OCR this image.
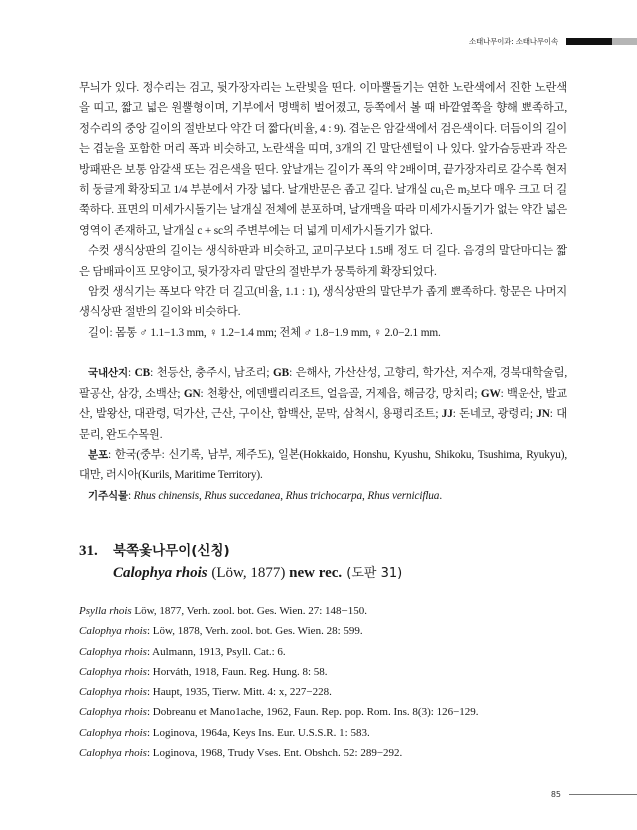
소태나무이과: 소태나무이속

무늬가 있다. 정수리는 검고, 뒷가장자리는 노란빛을 띤다. 이마뿔돌기는 연한 노란색에서 진한 노란색을 띠고, 짧고 넓은 원뿔형이며, 기부에서 명백히 벌어졌고, 등쪽에서 볼 때 바깥옆쪽을 향해 뾰족하고, 정수리의 중앙 길이의 절반보다 약간 더 짧다(비율, 4 : 9). 겹눈은 암갈색에서 검은색이다. 더듬이의 길이는 겹눈을 포함한 머리 폭과 비슷하고, 노란색을 띠며, 3개의 긴 말단센털이 나 있다. 앞가슴등판과 작은방패판은 보통 암갈색 또는 검은색을 띤다. 앞날개는 길이가 폭의 약 2배이며, 끝가장자리로 갈수록 현저히 둥글게 확장되고 1/4 부분에서 가장 넓다. 날개반문은 좁고 길다. 날개실 $cu_1$은 $m_2$보다 매우 크고 더 길쭉하다. 표면의 미세가시돌기는 날개실 전체에 분포하며, 날개맥을 따라 미세가시돌기가 없는 약간 넓은 영역이 존재하고, 날개실 c + sc의 주변부에는 더 넓게 미세가시돌기가 없다.

수컷 생식상판의 길이는 생식하판과 비슷하고, 교미구보다 1.5배 정도 더 길다. 음경의 말단마디는 짧은 담배파이프 모양이고, 뒷가장자리 말단의 절반부가 뭉툭하게 확장되었다.

암컷 생식기는 폭보다 약간 더 길고(비율, 1.1 : 1), 생식상판의 말단부가 좁게 뾰족하다. 항문은 나머지 생식상판 절반의 길이와 비슷하다.

길이: 몸통 ♂ 1.1−1.3 mm, ♀ 1.2−1.4 mm; 전체 ♂ 1.8−1.9 mm, ♀ 2.0−2.1 mm.

국내산지: CB: 천등산, 충주시, 남조리; GB: 은해사, 가산산성, 고향리, 학가산, 저수재, 경북대학술림, 팔공산, 삼강, 소백산; GN: 천황산, 에덴밸리리조트, 얼음골, 거제읍, 해금강, 망치리; GW: 백운산, 발교산, 발왕산, 대관령, 덕가산, 근산, 구이산, 함백산, 문막, 삼척시, 용평리조트; JJ: 돈네코, 광령리; JN: 대문리, 완도수목원.

분포: 한국(중부: 신기록, 남부, 제주도), 일본(Hokkaido, Honshu, Kyushu, Shikoku, Tsushima, Ryukyu), 대만, 러시아(Kurils, Maritime Territory).

기주식물: Rhus chinensis, Rhus succedanea, Rhus trichocarpa, Rhus verniciflua.

31. 북쪽옻나무이(신칭)
Calophya rhois (Löw, 1877) new rec. (도판 31)

Psylla rhois Löw, 1877, Verh. zool. bot. Ges. Wien. 27: 148−150.

Calophya rhois: Löw, 1878, Verh. zool. bot. Ges. Wien. 28: 599.

Calophya rhois: Aulmann, 1913, Psyll. Cat.: 6.

Calophya rhois: Horváth, 1918, Faun. Reg. Hung. 8: 58.

Calophya rhois: Haupt, 1935, Tierw. Mitt. 4: x, 227−228.

Calophya rhois: Dobreanu et Mano1ache, 1962, Faun. Rep. pop. Rom. Ins. 8(3): 126−129.

Calophya rhois: Loginova, 1964a, Keys Ins. Eur. U.S.S.R. 1: 583.

Calophya rhois: Loginova, 1968, Trudy Vses. Ent. Obshch. 52: 289−292.

85
